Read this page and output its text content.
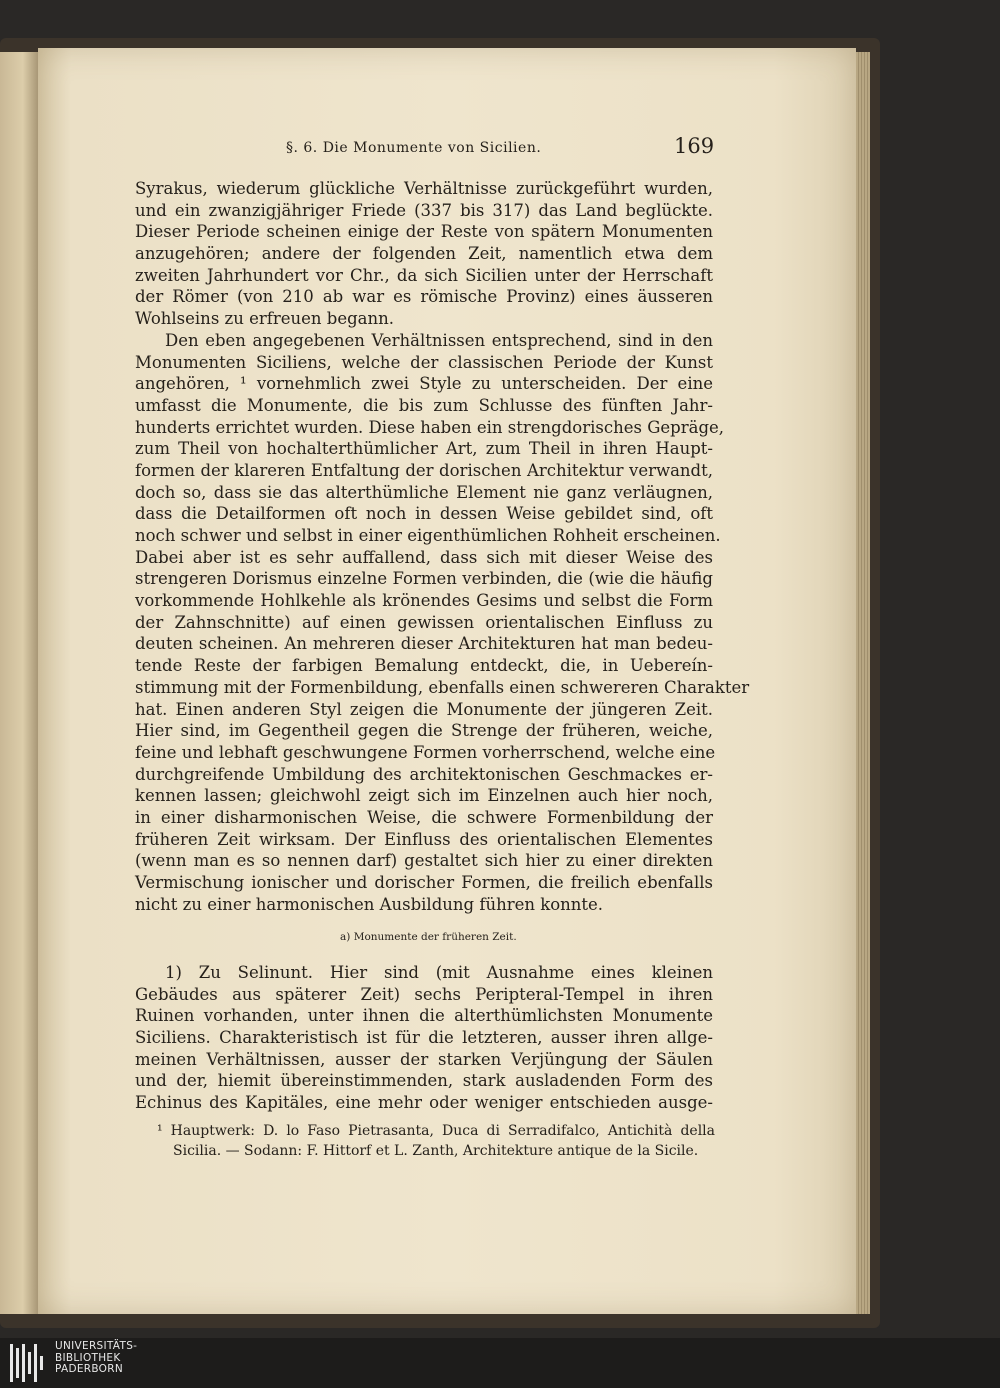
§. 6. Die Monumente von Sicilien.	169
Syrakus, wiederum glückliche Verhältnisse zurückgeführt wurden,
und ein zwanzigjähriger Friede (337 bis 317) das Land beglückte.
Dieser Periode scheinen einige der Reste von spätern Monumenten
anzugehören; andere der folgenden Zeit, namentlich etwa dem
zweiten Jahrhundert vor Chr., da sich Sicilien unter der Herrschaft
der Römer (von 210 ab war es römische Provinz) eines äusseren
Wohlseins zu erfreuen begann.
Den eben angegebenen Verhältnissen entsprechend, sind in den
Monumenten Siciliens, welche der classischen Periode der Kunst
angehören, ¹ vornehmlich zwei Style zu unterscheiden. Der eine
umfasst die Monumente, die bis zum Schlusse des fünften Jahr-
hunderts errichtet wurden. Diese haben ein strengdorisches Gepräge,
zum Theil von hochalterthümlicher Art, zum Theil in ihren Haupt-
formen der klareren Entfaltung der dorischen Architektur verwandt,
doch so, dass sie das alterthümliche Element nie ganz verläugnen,
dass die Detailformen oft noch in dessen Weise gebildet sind, oft
noch schwer und selbst in einer eigenthümlichen Rohheit erscheinen.
Dabei aber ist es sehr auffallend, dass sich mit dieser Weise des
strengeren Dorismus einzelne Formen verbinden, die (wie die häufig
vorkommende Hohlkehle als krönendes Gesims und selbst die Form
der Zahnschnitte) auf einen gewissen orientalischen Einfluss zu
deuten scheinen. An mehreren dieser Architekturen hat man bedeu-
tende Reste der farbigen Bemalung entdeckt, die, in Uebereín-
stimmung mit der Formenbildung, ebenfalls einen schwereren Charakter
hat. Einen anderen Styl zeigen die Monumente der jüngeren Zeit.
Hier sind, im Gegentheil gegen die Strenge der früheren, weiche,
feine und lebhaft geschwungene Formen vorherrschend, welche eine
durchgreifende Umbildung des architektonischen Geschmackes er-
kennen lassen; gleichwohl zeigt sich im Einzelnen auch hier noch,
in einer disharmonischen Weise, die schwere Formenbildung der
früheren Zeit wirksam. Der Einfluss des orientalischen Elementes
(wenn man es so nennen darf) gestaltet sich hier zu einer direkten
Vermischung ionischer und dorischer Formen, die freilich ebenfalls
nicht zu einer harmonischen Ausbildung führen konnte.
a) Monumente der früheren Zeit.
1) Zu Selinunt. Hier sind (mit Ausnahme eines kleinen
Gebäudes aus späterer Zeit) sechs Peripteral-Tempel in ihren
Ruinen vorhanden, unter ihnen die alterthümlichsten Monumente
Siciliens. Charakteristisch ist für die letzteren, ausser ihren allge-
meinen Verhältnissen, ausser der starken Verjüngung der Säulen
und der, hiemit übereinstimmenden, stark ausladenden Form des
Echinus des Kapitäles, eine mehr oder weniger entschieden ausge-
¹ Hauptwerk: D. lo Faso Pietrasanta, Duca di Serradifalco, Antichità della
Sicilia. — Sodann: F. Hittorf et L. Zanth, Architekture antique de la Sicile.
UNIVERSITÄTS-
BIBLIOTHEK
PADERBORN
